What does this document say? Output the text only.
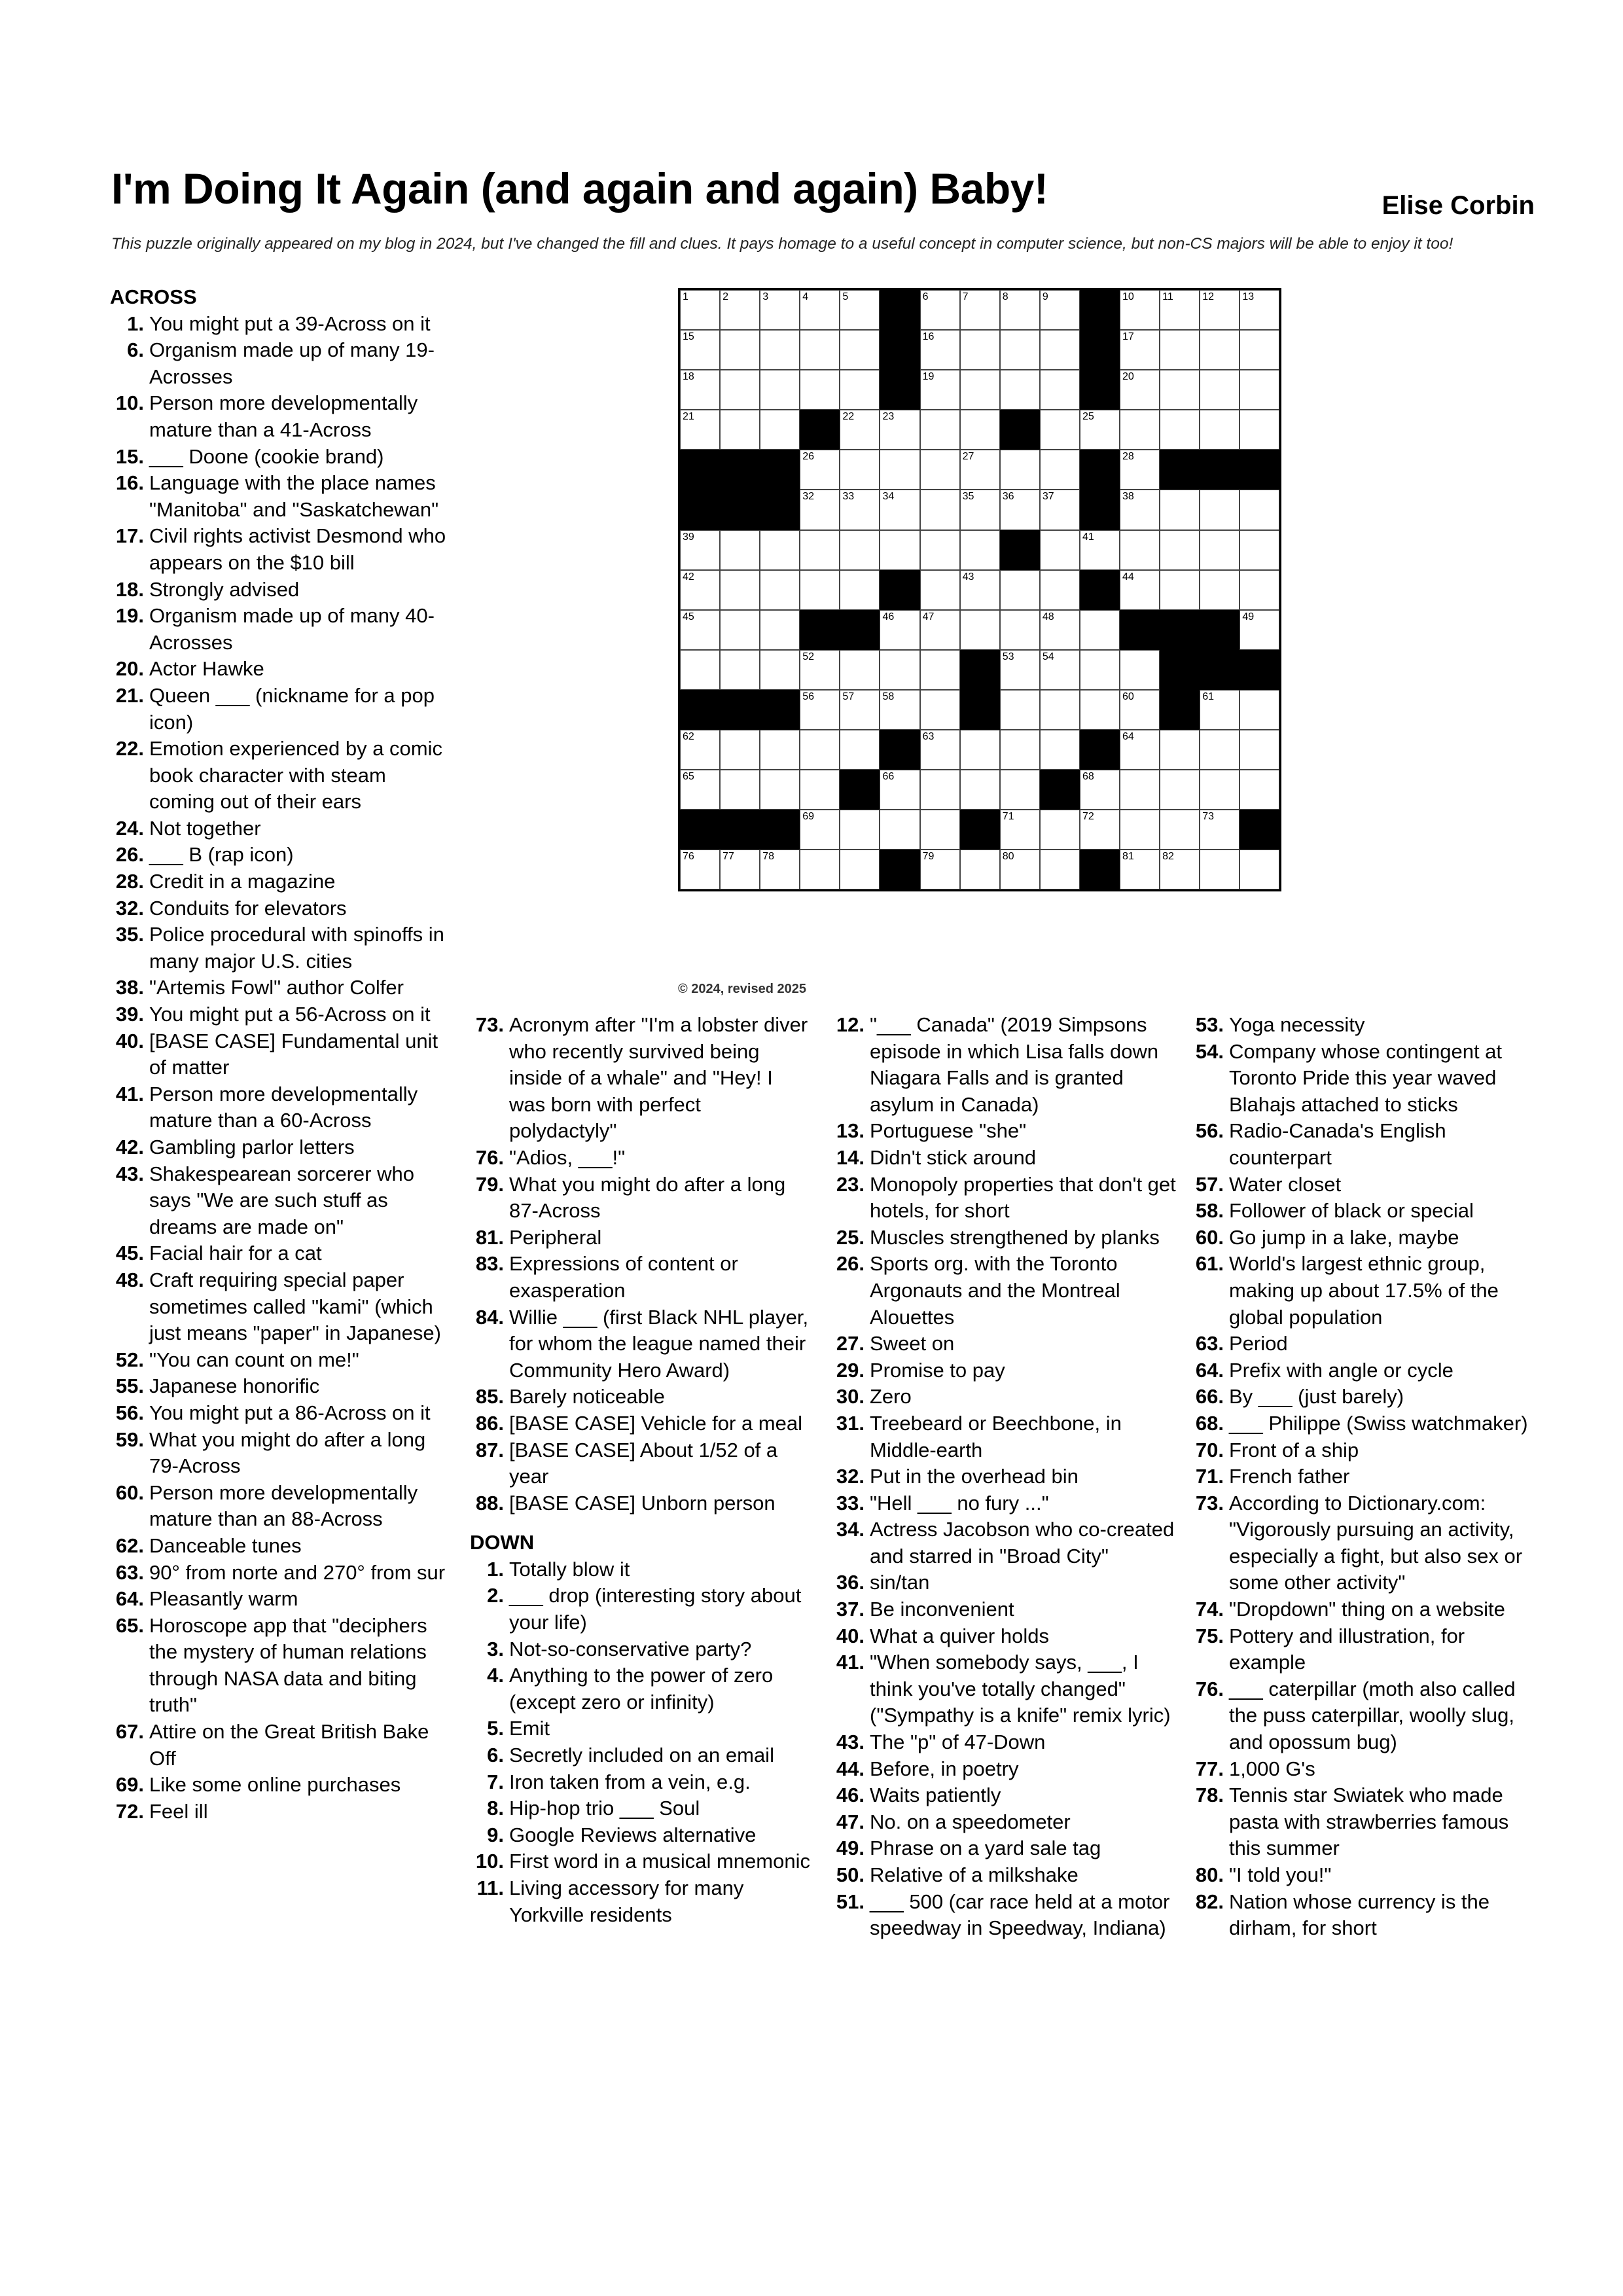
I'm Doing It Again (and again and again) Baby!	Elise Corbin
This puzzle originally appeared on my blog in 2024, but I've changed the fill and clues. It pays homage to a useful concept in computer science, but non-CS majors will be able to enjoy it too!
ACROSS
1. You might put a 39-Across on it
6. Organism made up of many 19-Acrosses
10. Person more developmentally mature than a 41-Across
15. ___ Doone (cookie brand)
16. Language with the place names "Manitoba" and "Saskatchewan"
17. Civil rights activist Desmond who appears on the $10 bill
18. Strongly advised
19. Organism made up of many 40-Acrosses
20. Actor Hawke
21. Queen ___ (nickname for a pop icon)
22. Emotion experienced by a comic book character with steam coming out of their ears
24. Not together
26. ___ B (rap icon)
28. Credit in a magazine
32. Conduits for elevators
35. Police procedural with spinoffs in many major U.S. cities
38. "Artemis Fowl" author Colfer
39. You might put a 56-Across on it
40. [BASE CASE] Fundamental unit of matter
41. Person more developmentally mature than a 60-Across
42. Gambling parlor letters
43. Shakespearean sorcerer who says "We are such stuff as dreams are made on"
45. Facial hair for a cat
48. Craft requiring special paper sometimes called "kami" (which just means "paper" in Japanese)
52. "You can count on me!"
55. Japanese honorific
56. You might put a 86-Across on it
59. What you might do after a long 79-Across
60. Person more developmentally mature than an 88-Across
62. Danceable tunes
63. 90° from norte and 270° from sur
64. Pleasantly warm
65. Horoscope app that "deciphers the mystery of human relations through NASA data and biting truth"
67. Attire on the Great British Bake Off
69. Like some online purchases
72. Feel ill
73. Acronym after "I'm a lobster diver who recently survived being inside of a whale" and "Hey! I was born with perfect polydactyly"
76. "Adios, ___!"
79. What you might do after a long 87-Across
81. Peripheral
83. Expressions of content or exasperation
84. Willie ___ (first Black NHL player, for whom the league named their Community Hero Award)
85. Barely noticeable
86. [BASE CASE] Vehicle for a meal
87. [BASE CASE] About 1/52 of a year
88. [BASE CASE] Unborn person
DOWN
1. Totally blow it
2. ___ drop (interesting story about your life)
3. Not-so-conservative party?
4. Anything to the power of zero (except zero or infinity)
5. Emit
6. Secretly included on an email
7. Iron taken from a vein, e.g.
8. Hip-hop trio ___ Soul
9. Google Reviews alternative
10. First word in a musical mnemonic
11. Living accessory for many Yorkville residents
12. "___ Canada" (2019 Simpsons episode in which Lisa falls down Niagara Falls and is granted asylum in Canada)
13. Portuguese "she"
14. Didn't stick around
23. Monopoly properties that don't get hotels, for short
25. Muscles strengthened by planks
26. Sports org. with the Toronto Argonauts and the Montreal Alouettes
27. Sweet on
29. Promise to pay
30. Zero
31. Treebeard or Beechbone, in Middle-earth
32. Put in the overhead bin
33. "Hell ___ no fury ..."
34. Actress Jacobson who co-created and starred in "Broad City"
36. sin/tan
37. Be inconvenient
40. What a quiver holds
41. "When somebody says, ___, I think you've totally changed" ("Sympathy is a knife" remix lyric)
43. The "p" of 47-Down
44. Before, in poetry
46. Waits patiently
47. No. on a speedometer
49. Phrase on a yard sale tag
50. Relative of a milkshake
51. ___ 500 (car race held at a motor speedway in Speedway, Indiana)
53. Yoga necessity
54. Company whose contingent at Toronto Pride this year waved Blahajs attached to sticks
56. Radio-Canada's English counterpart
57. Water closet
58. Follower of black or special
60. Go jump in a lake, maybe
61. World's largest ethnic group, making up about 17.5% of the global population
63. Period
64. Prefix with angle or cycle
66. By ___ (just barely)
68. ___ Philippe (Swiss watchmaker)
70. Front of a ship
71. French father
73. According to Dictionary.com: "Vigorously pursuing an activity, especially a fight, but also sex or some other activity"
74. "Dropdown" thing on a website
75. Pottery and illustration, for example
76. ___ caterpillar (moth also called the puss caterpillar, woolly slug, and opossum bug)
77. 1,000 G's
78. Tennis star Swiatek who made pasta with strawberries famous this summer
80. "I told you!"
82. Nation whose currency is the dirham, for short
1	2	3	4	5	6	7	8	9	10	11	12	13
15	16	17
18	19	20
21	22	23	25
26	27	28
32	33	34	35	36	37	38
39	41
42	43	44
45	46	47	48	49
52	53	54
56	57	58	60	61
62	63	64
65	66	68
69	71	72	73
76	77	78	79	80	81	82
© 2024, revised 2025
